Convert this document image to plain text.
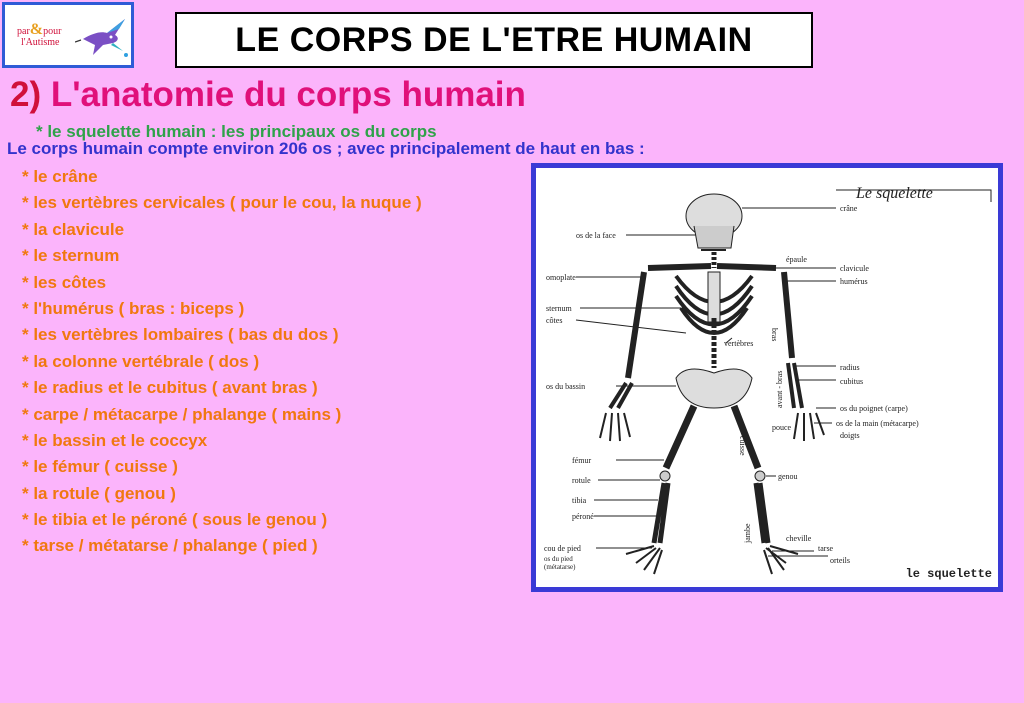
par&pour
l'Autisme	LE CORPS DE L'ETRE HUMAIN
2) L'anatomie du corps humain
* le squelette humain : les principaux os du corps
Le corps humain compte environ 206 os ; avec principalement de haut en bas :
* le crâne
* les vertèbres cervicales ( pour le cou, la nuque )
* la clavicule
* le sternum
* les côtes
* l'humérus ( bras : biceps )
* les vertèbres lombaires ( bas du dos )
* la colonne vertébrale ( dos )
* le radius et le cubitus ( avant bras )
* carpe / métacarpe / phalange ( mains )
* le bassin et le coccyx
* le fémur ( cuisse )
* la rotule ( genou )
* le tibia et le péroné ( sous le genou )
* tarse / métatarse / phalange ( pied )
Le squelette
crâne
os de la face
épaule
clavicule
humérus
omoplate
sternum
côtes
vertèbres
bras
radius
cubitus
avant - bras
os du bassin
os du poignet (carpe)
os de la main (métacarpe)
pouce
doigts
fémur
cuisse
genou
rotule
tibia
péroné
jambe	cheville
tarse
orteils
cou de pied
os du pied
(métatarse)	le squelette
